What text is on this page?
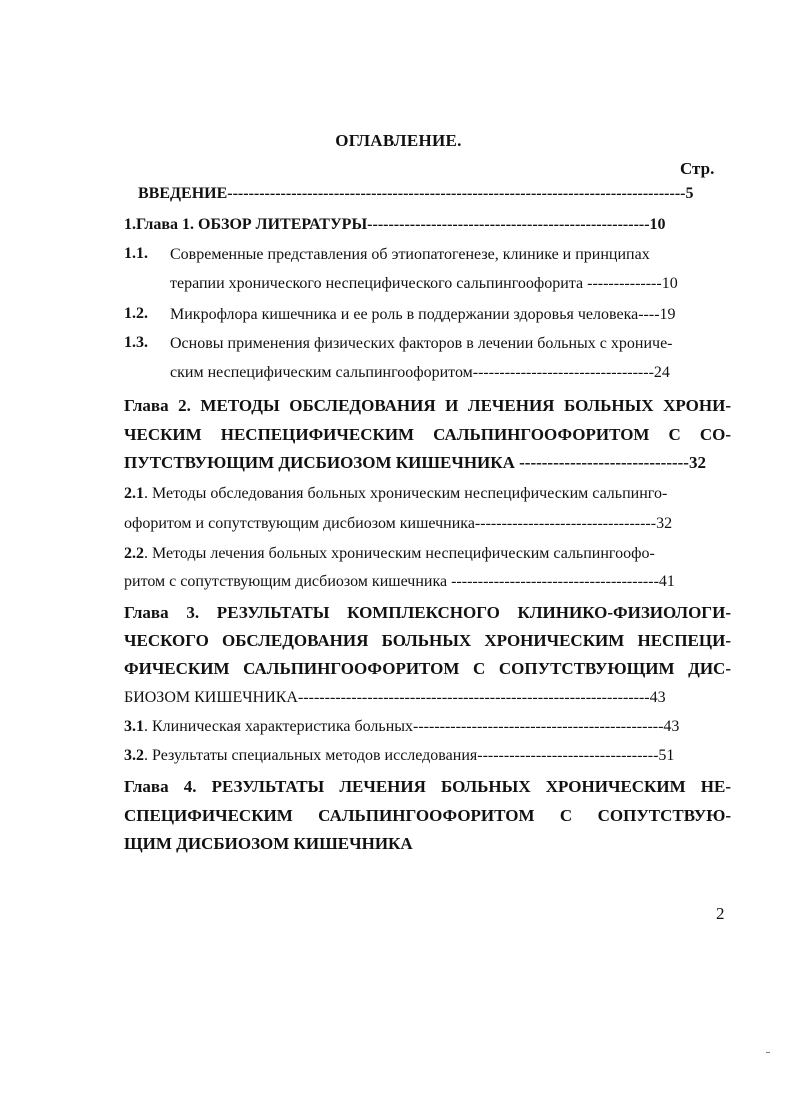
ОГЛАВЛЕНИЕ.
Стр.
ВВЕДЕНИЕ--------------------------------------------------------------------------------------5
1.Глава 1. ОБЗОР ЛИТЕРАТУРЫ-----------------------------------------------------10
1.1. Современные представления об этиопатогенезе, клинике и принципах
терапии хронического неспецифического сальпингоофорита --------------10
1.2. Микрофлора кишечника и ее роль в поддержании здоровья человека----19
1.3. Основы применения физических факторов в лечении больных с хрониче-
ским неспецифическим сальпингоофоритом----------------------------------24
Глава 2. МЕТОДЫ ОБСЛЕДОВАНИЯ И ЛЕЧЕНИЯ БОЛЬНЫХ ХРОНИ-
ЧЕСКИМ НЕСПЕЦИФИЧЕСКИМ САЛЬПИНГООФОРИТОМ С СО-
ПУТСТВУЮЩИМ ДИСБИОЗОМ КИШЕЧНИКА ------------------------------32
2.1. Методы обследования больных хроническим неспецифическим сальпинго-
офоритом и сопутствующим дисбиозом кишечника----------------------------------32
2.2. Методы лечения больных хроническим неспецифическим сальпингоофо-
ритом с сопутствующим дисбиозом кишечника ---------------------------------------41
Глава 3. РЕЗУЛЬТАТЫ КОМПЛЕКСНОГО КЛИНИКО-ФИЗИОЛОГИ-
ЧЕСКОГО ОБСЛЕДОВАНИЯ БОЛЬНЫХ ХРОНИЧЕСКИМ НЕСПЕЦИ-
ФИЧЕСКИМ САЛЬПИНГООФОРИТОМ С СОПУТСТВУЮЩИМ ДИС-
БИОЗОМ КИШЕЧНИКА------------------------------------------------------------------43
3.1. Клиническая характеристика больных-----------------------------------------------43
3.2. Результаты специальных методов исследования----------------------------------51
Глава 4. РЕЗУЛЬТАТЫ ЛЕЧЕНИЯ БОЛЬНЫХ ХРОНИЧЕСКИМ НЕ-
СПЕЦИФИЧЕСКИМ САЛЬПИНГООФОРИТОМ С СОПУТСТВУЮ-
ЩИМ ДИСБИОЗОМ КИШЕЧНИКА
2
